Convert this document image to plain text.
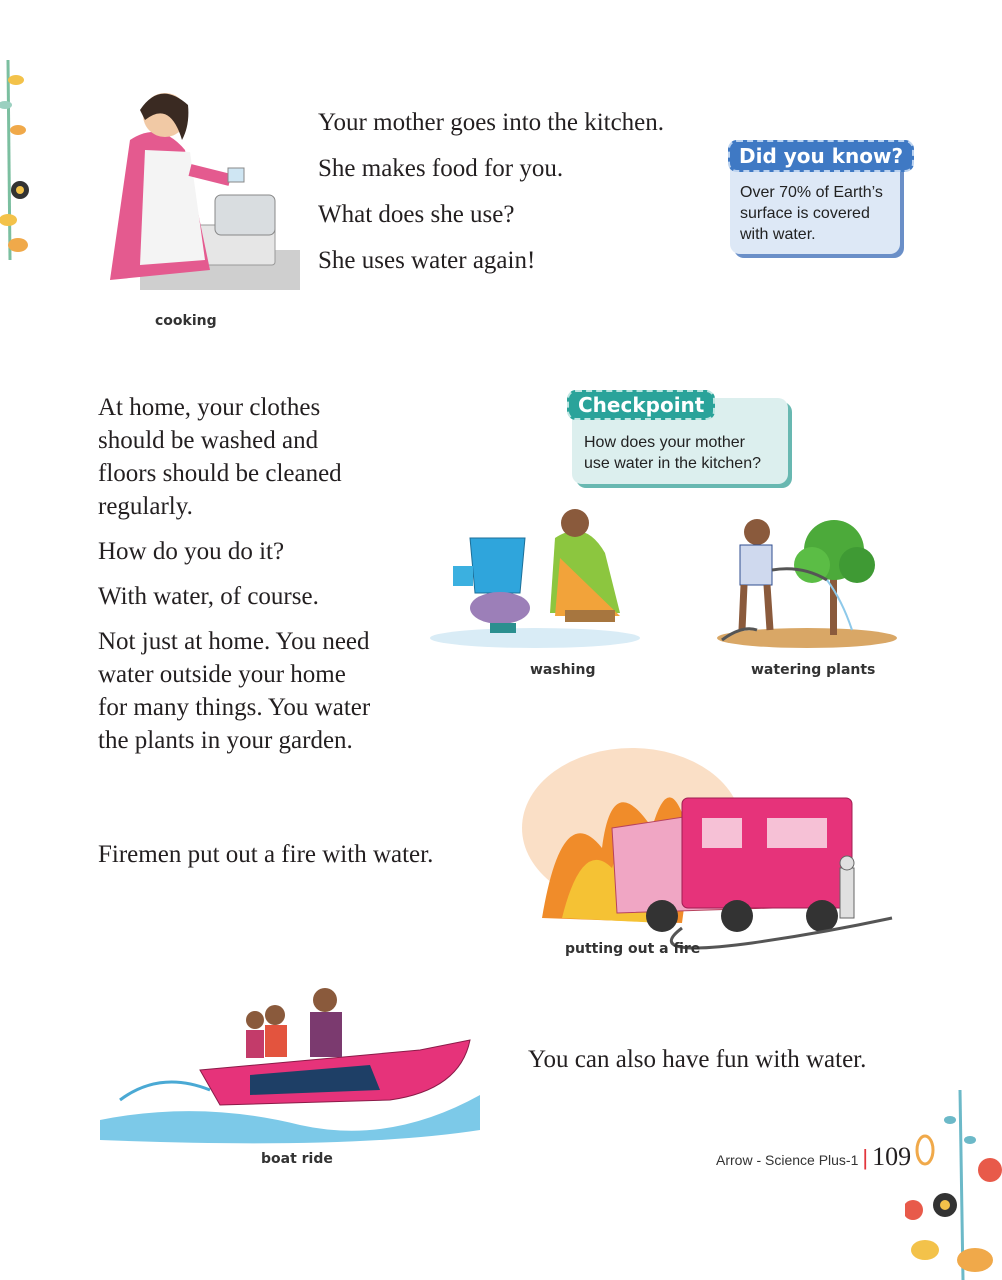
cooking

Your mother goes into the kitchen.

She makes food for you.

What does she use?

She uses water again!

Did you know?
Over 70% of Earth’s
surface is covered
with water.

At home, your clothes

should be washed and

floors should be cleaned

regularly.

How do you do it?

With water, of course.

Not just at home. You need

water outside your home

for many things. You water

the plants in your garden.

Checkpoint
How does your mother
use water in the kitchen?
washing	watering plants
Firemen put out a fire with water.
putting out a fire
boat ride
You can also have fun with water.
Arrow - Science Plus-1 | 109
